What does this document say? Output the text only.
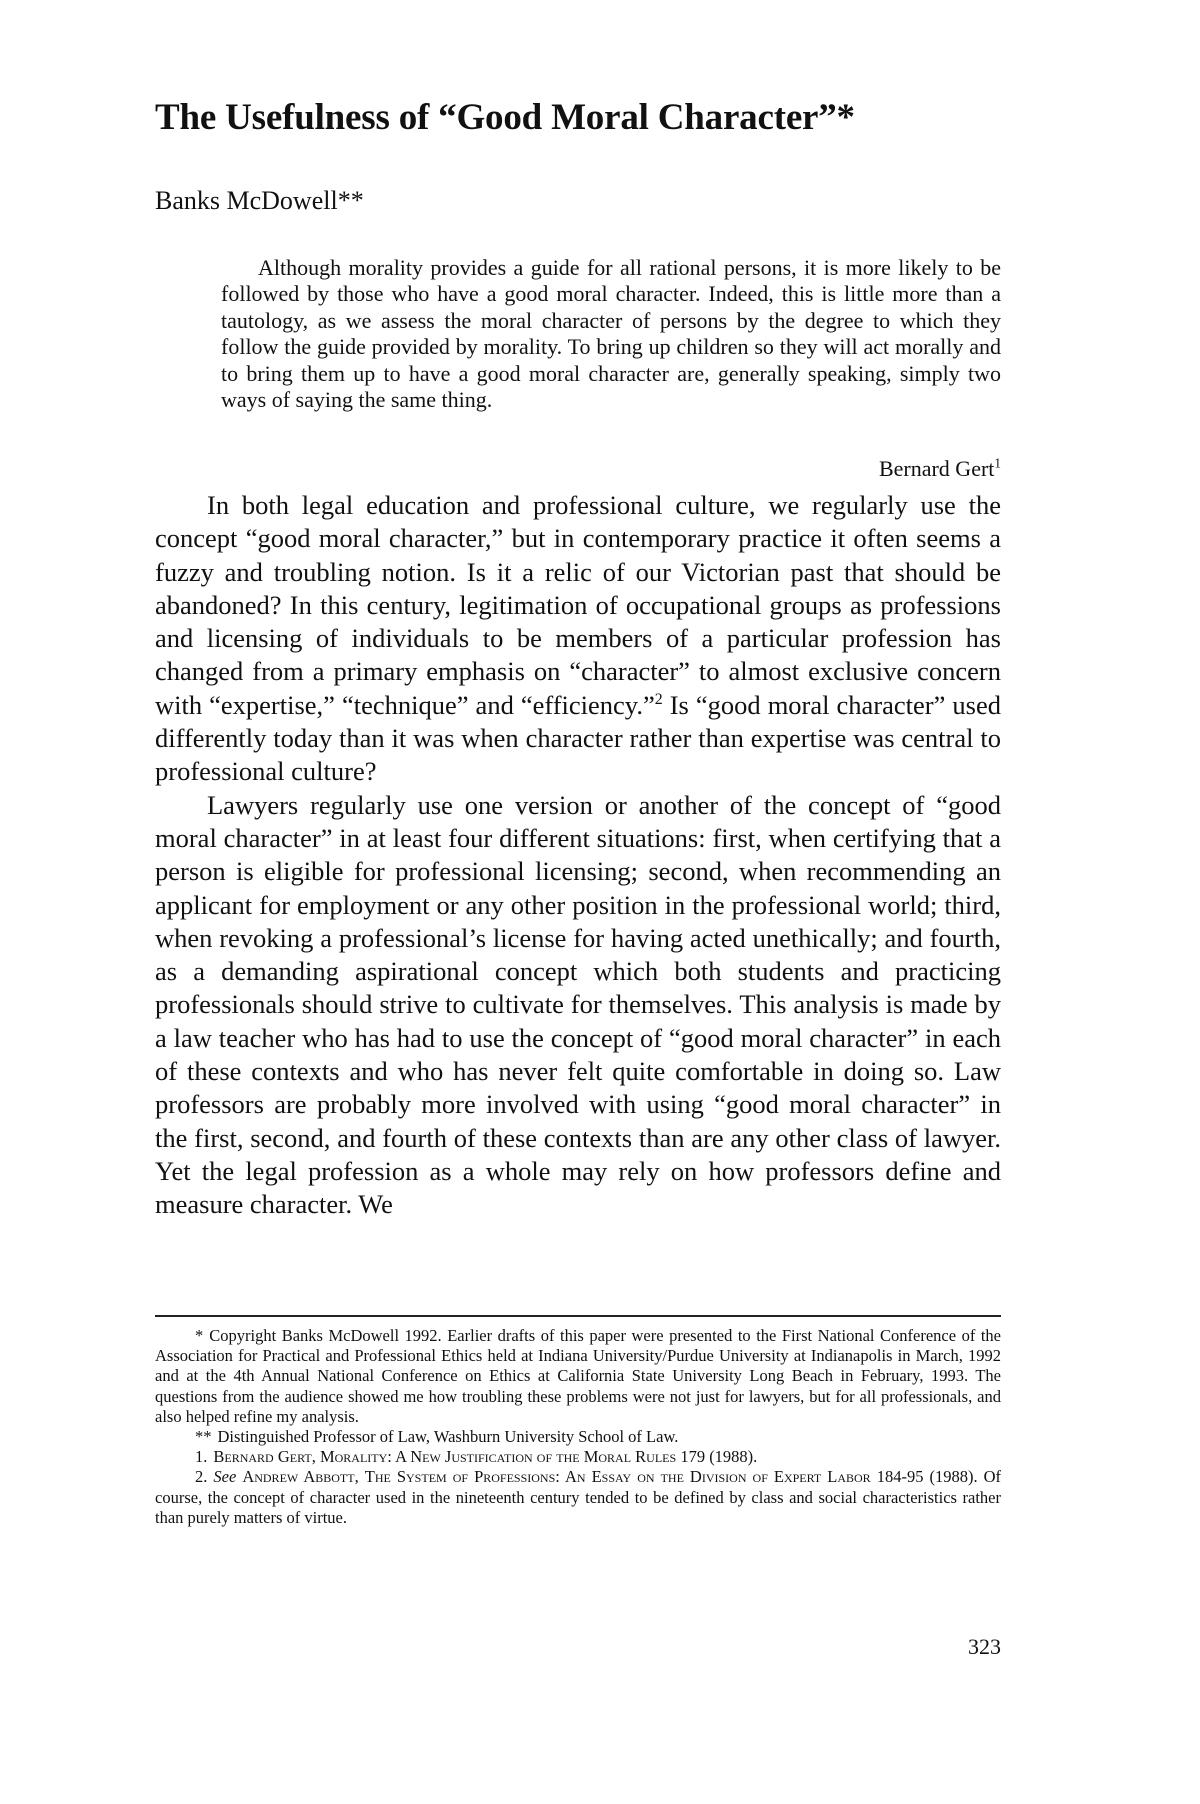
The Usefulness of “Good Moral Character”*
Banks McDowell**

Although morality provides a guide for all rational persons, it is more likely to be followed by those who have a good moral character. Indeed, this is little more than a tautology, as we assess the moral character of persons by the degree to which they follow the guide provided by morality. To bring up children so they will act morally and to bring them up to have a good moral character are, generally speaking, simply two ways of saying the same thing.

Bernard Gert$^1$

In both legal education and professional culture, we regularly use the concept “good moral character,” but in contemporary practice it often seems a fuzzy and troubling notion. Is it a relic of our Victorian past that should be abandoned? In this century, legitimation of occupational groups as professions and licensing of individuals to be members of a particular profession has changed from a primary emphasis on “character” to almost exclusive concern with “expertise,” “technique” and “efficiency.”$^2$ Is “good moral character” used differently today than it was when character rather than expertise was central to professional culture?

Lawyers regularly use one version or another of the concept of “good moral character” in at least four different situations: first, when certifying that a person is eligible for professional licensing; second, when recommending an applicant for employment or any other position in the professional world; third, when revoking a professional’s license for having acted unethically; and fourth, as a demanding aspirational concept which both students and practicing professionals should strive to cultivate for themselves. This analysis is made by a law teacher who has had to use the concept of “good moral character” in each of these contexts and who has never felt quite comfortable in doing so. Law professors are probably more involved with using “good moral character” in the first, second, and fourth of these contexts than are any other class of lawyer. Yet the legal profession as a whole may rely on how professors define and measure character. We

* Copyright Banks McDowell 1992. Earlier drafts of this paper were presented to the First National Conference of the Association for Practical and Professional Ethics held at Indiana University/Purdue University at Indianapolis in March, 1992 and at the 4th Annual National Conference on Ethics at California State University Long Beach in February, 1993. The questions from the audience showed me how troubling these problems were not just for lawyers, but for all professionals, and also helped refine my analysis.

** Distinguished Professor of Law, Washburn University School of Law.

1. Bernard Gert, Morality: A New Justification of the Moral Rules 179 (1988).

2. See Andrew Abbott, The System of Professions: An Essay on the Division of Expert Labor 184-95 (1988). Of course, the concept of character used in the nineteenth century tended to be defined by class and social characteristics rather than purely matters of virtue.

323
